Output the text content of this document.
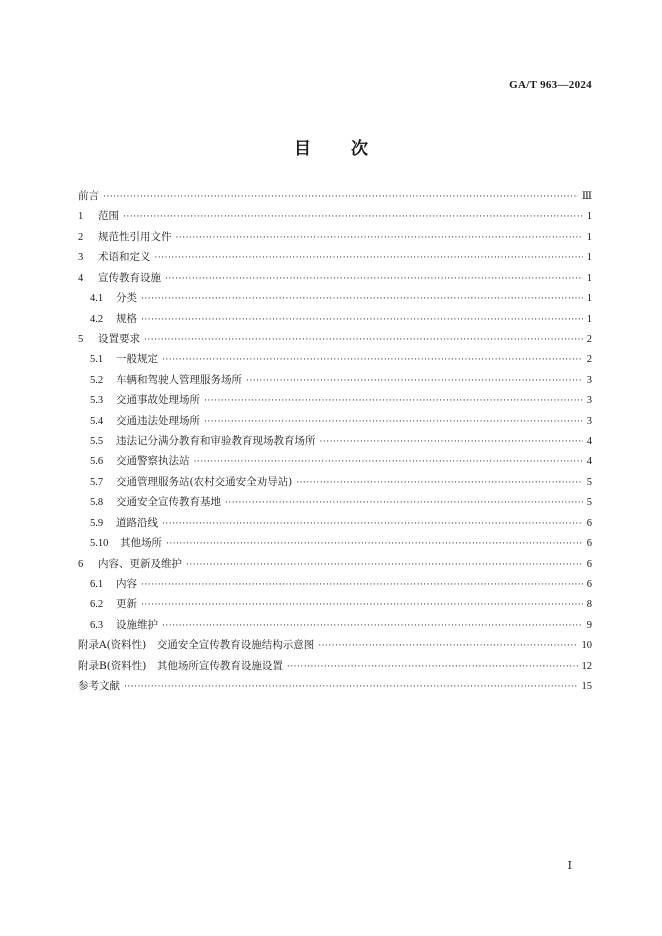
GA/T 963—2024
目次
前言 ·····	Ⅲ
1	范围 ·····	1
2	规范性引用文件 ·····	1
3	术语和定义 ·····	1
4	宣传教育设施 ·····	1
4.1 分类 ·····	1
4.2 规格 ·····	1
5	设置要求 ·····	2
5.1 一般规定 ·····	2
5.2 车辆和驾驶人管理服务场所 ·····	3
5.3 交通事故处理场所 ·····	3
5.4 交通违法处理场所 ·····	3
5.5 违法记分满分教育和审验教育现场教育场所 ·····	4
5.6 交通警察执法站 ·····	4
5.7 交通管理服务站(农村交通安全劝导站) ·····	5
5.8 交通安全宣传教育基地 ·····	5
5.9 道路沿线 ·····	6
5.10 其他场所 ·····	6
6	内容、更新及维护 ·····	6
6.1 内容 ·····	6
6.2 更新 ·····	8
6.3 设施维护 ·····	9
附录A(资料性)　交通安全宣传教育设施结构示意图 ·····	10
附录B(资料性)　其他场所宣传教育设施设置 ·····	12
参考文献 ·····	15
Ⅰ
